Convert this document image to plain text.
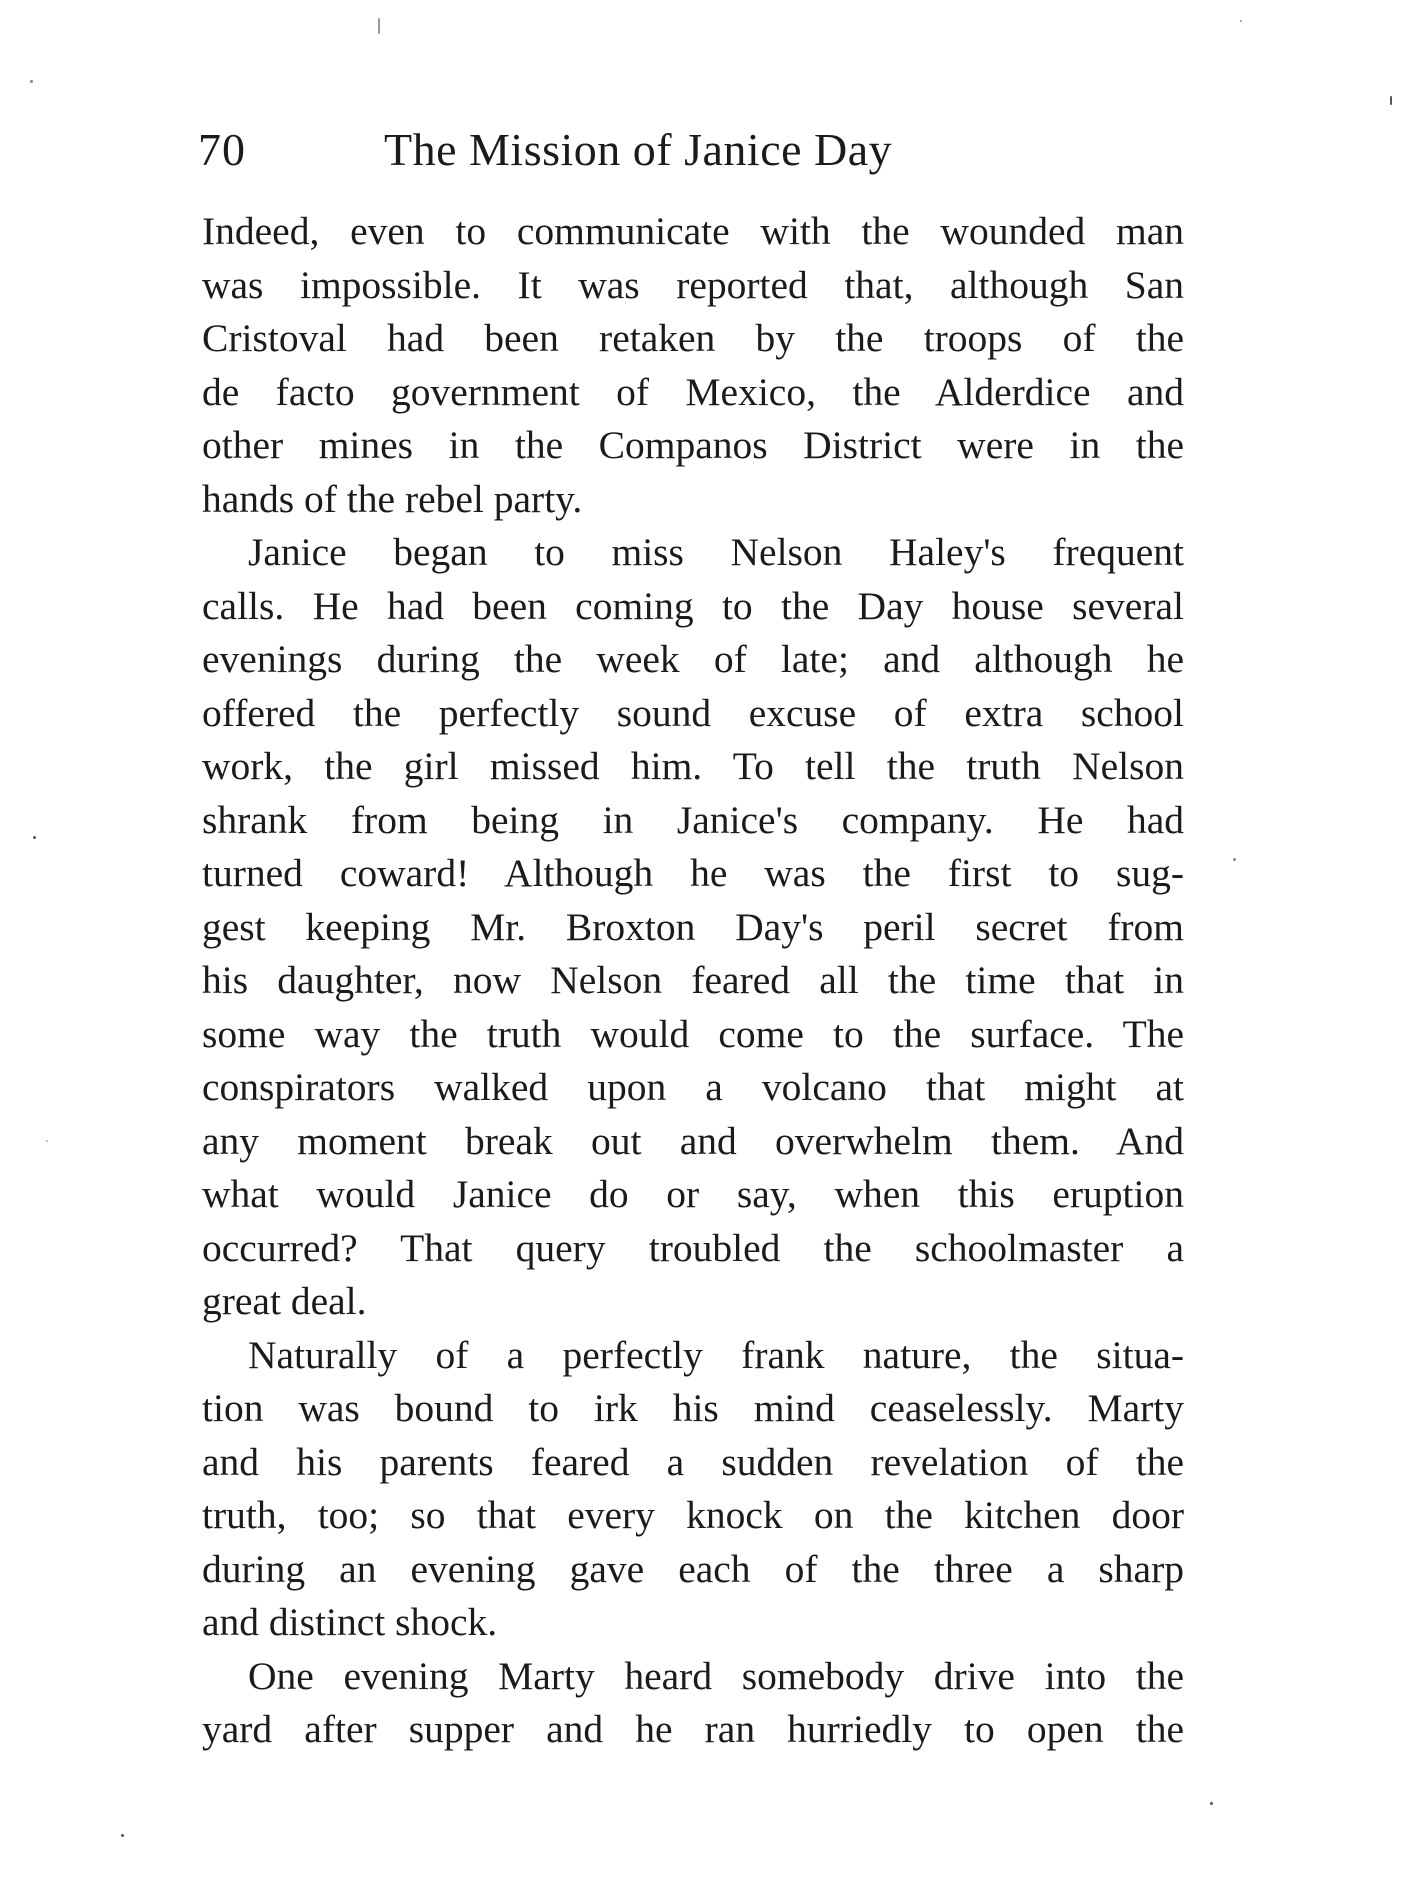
70	The Mission of Janice Day
Indeed, even to communicate with the wounded man
was impossible. It was reported that, although San
Cristoval had been retaken by the troops of the
de facto government of Mexico, the Alderdice and
other mines in the Companos District were in the
hands of the rebel party.
Janice began to miss Nelson Haley's frequent
calls. He had been coming to the Day house several
evenings during the week of late; and although he
offered the perfectly sound excuse of extra school
work, the girl missed him. To tell the truth Nelson
shrank from being in Janice's company. He had
turned coward! Although he was the first to sug-
gest keeping Mr. Broxton Day's peril secret from
his daughter, now Nelson feared all the time that in
some way the truth would come to the surface. The
conspirators walked upon a volcano that might at
any moment break out and overwhelm them. And
what would Janice do or say, when this eruption
occurred? That query troubled the schoolmaster a
great deal.
Naturally of a perfectly frank nature, the situa-
tion was bound to irk his mind ceaselessly. Marty
and his parents feared a sudden revelation of the
truth, too; so that every knock on the kitchen door
during an evening gave each of the three a sharp
and distinct shock.
One evening Marty heard somebody drive into the
yard after supper and he ran hurriedly to open the
